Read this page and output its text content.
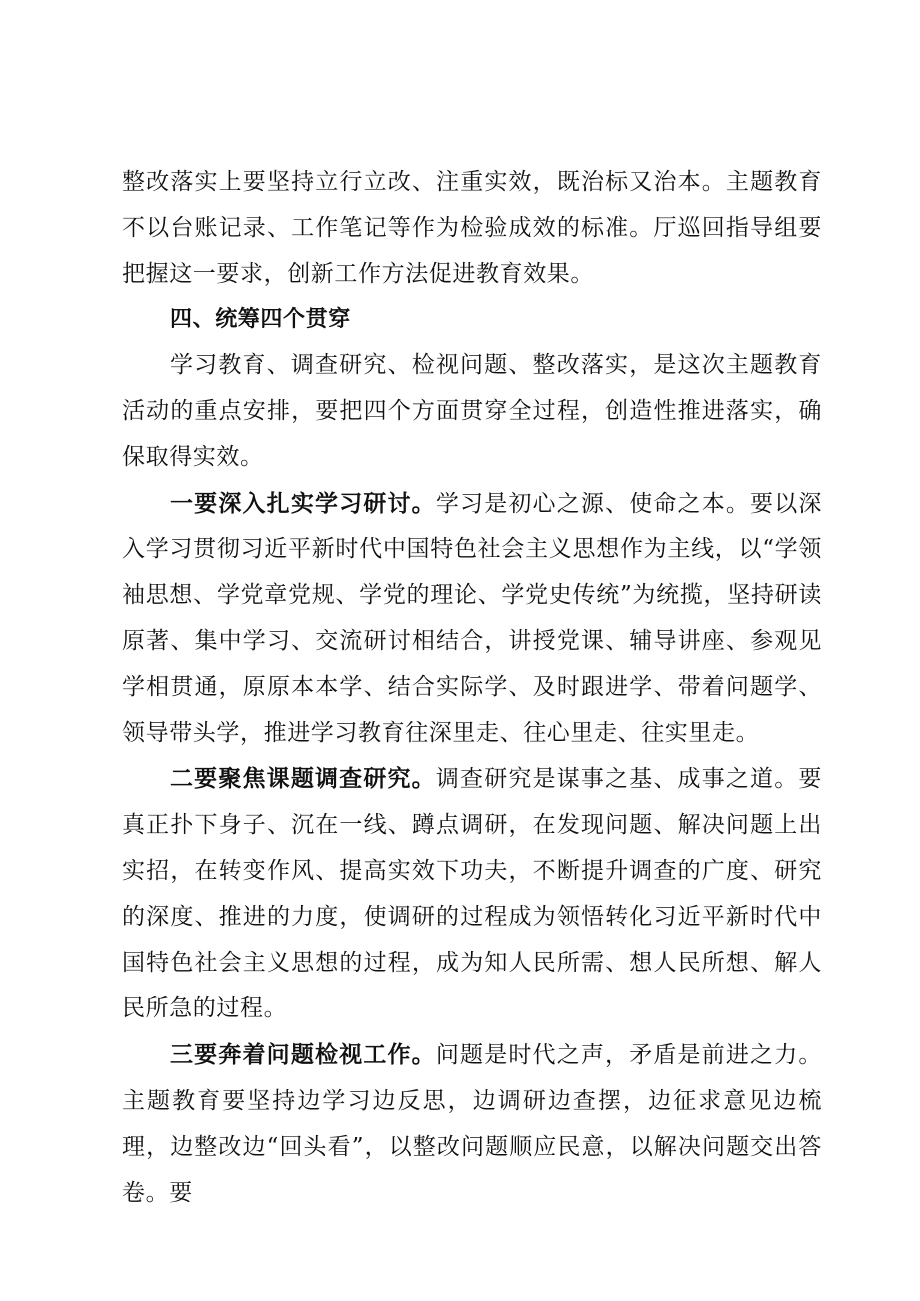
整改落实上要坚持立行立改、注重实效，既治标又治本。主题教育不以台账记录、工作笔记等作为检验成效的标准。厅巡回指导组要把握这一要求，创新工作方法促进教育效果。

四、统筹四个贯穿

学习教育、调查研究、检视问题、整改落实，是这次主题教育活动的重点安排，要把四个方面贯穿全过程，创造性推进落实，确保取得实效。

一要深入扎实学习研讨。学习是初心之源、使命之本。要以深入学习贯彻习近平新时代中国特色社会主义思想作为主线，以“学领袖思想、学党章党规、学党的理论、学党史传统”为统揽，坚持研读原著、集中学习、交流研讨相结合，讲授党课、辅导讲座、参观见学相贯通，原原本本学、结合实际学、及时跟进学、带着问题学、领导带头学，推进学习教育往深里走、往心里走、往实里走。

二要聚焦课题调查研究。调查研究是谋事之基、成事之道。要真正扑下身子、沉在一线、蹲点调研，在发现问题、解决问题上出实招，在转变作风、提高实效下功夫，不断提升调查的广度、研究的深度、推进的力度，使调研的过程成为领悟转化习近平新时代中国特色社会主义思想的过程，成为知人民所需、想人民所想、解人民所急的过程。

三要奔着问题检视工作。问题是时代之声，矛盾是前进之力。主题教育要坚持边学习边反思，边调研边查摆，边征求意见边梳理，边整改边“回头看”，以整改问题顺应民意，以解决问题交出答卷。要
